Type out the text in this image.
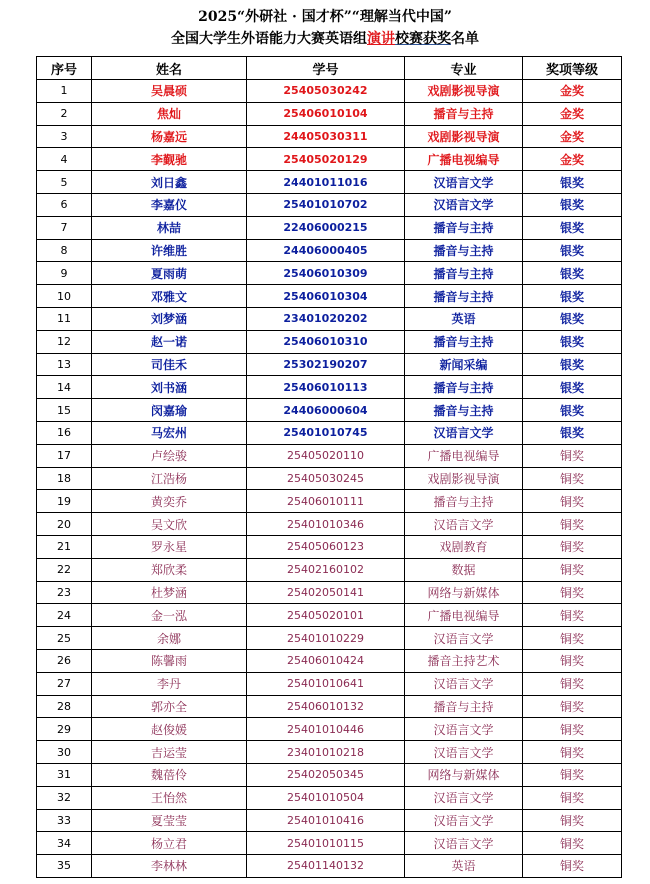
2025“外研社 · 国才杯”“理解当代中国”
全国大学生外语能力大赛英语组演讲校赛获奖名单
序号	姓名	学号	专业	奖项等级
1	吴晨硕	25405030242	戏剧影视导演	金奖
2	焦灿	25406010104	播音与主持	金奖
3	杨嘉远	24405030311	戏剧影视导演	金奖
4	李觐驰	25405020129	广播电视编导	金奖
5	刘日鑫	24401011016	汉语言文学	银奖
6	李嘉仪	25401010702	汉语言文学	银奖
7	林喆	22406000215	播音与主持	银奖
8	许维胜	24406000405	播音与主持	银奖
9	夏雨萌	25406010309	播音与主持	银奖
10	邓雅文	25406010304	播音与主持	银奖
11	刘梦涵	23401020202	英语	银奖
12	赵一诺	25406010310	播音与主持	银奖
13	司佳禾	25302190207	新闻采编	银奖
14	刘书涵	25406010113	播音与主持	银奖
15	闵嘉瑜	24406000604	播音与主持	银奖
16	马宏州	25401010745	汉语言文学	银奖
17	卢绘骏	25405020110	广播电视编导	铜奖
18	江浩杨	25405030245	戏剧影视导演	铜奖
19	黄奕乔	25406010111	播音与主持	铜奖
20	吴文欣	25401010346	汉语言文学	铜奖
21	罗永星	25405060123	戏剧教育	铜奖
22	郑欣柔	25402160102	数据	铜奖
23	杜梦涵	25402050141	网络与新媒体	铜奖
24	金一泓	25405020101	广播电视编导	铜奖
25	余娜	25401010229	汉语言文学	铜奖
26	陈馨雨	25406010424	播音主持艺术	铜奖
27	李丹	25401010641	汉语言文学	铜奖
28	郭亦全	25406010132	播音与主持	铜奖
29	赵俊媛	25401010446	汉语言文学	铜奖
30	吉运莹	23401010218	汉语言文学	铜奖
31	魏蓓伶	25402050345	网络与新媒体	铜奖
32	王怡然	25401010504	汉语言文学	铜奖
33	夏莹莹	25401010416	汉语言文学	铜奖
34	杨立君	25401010115	汉语言文学	铜奖
35	李林林	25401140132	英语	铜奖
